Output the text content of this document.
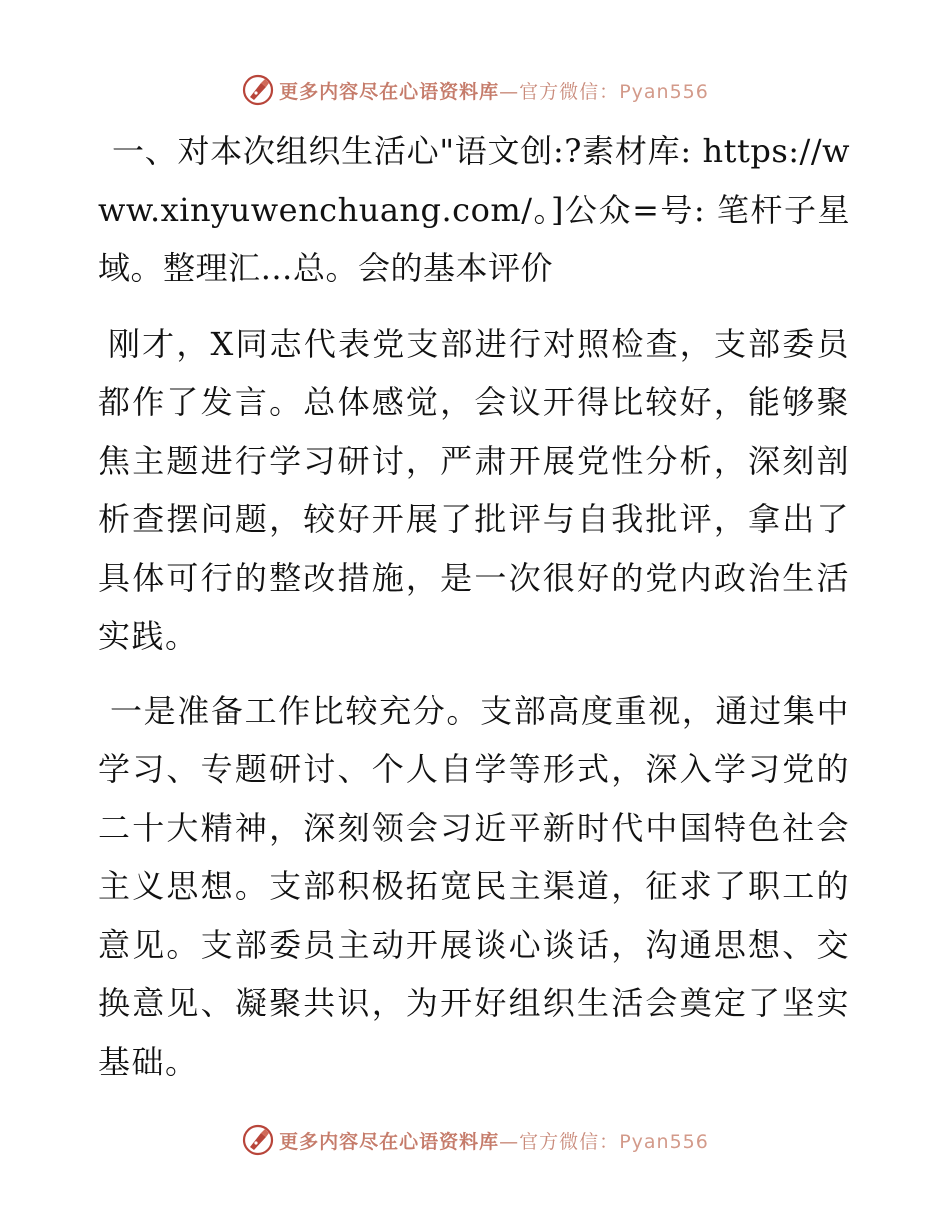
更多内容尽在心语资料库—官方微信：Pyan556

一、对本次组织生活心"语文创:?素材库: https://www.xinyuwenchuang.com/。]公众=号: 笔杆子星域。整理汇…总。会的基本评价

刚才，X同志代表党支部进行对照检查，支部委员都作了发言。总体感觉，会议开得比较好，能够聚焦主题进行学习研讨，严肃开展党性分析，深刻剖析查摆问题，较好开展了批评与自我批评，拿出了具体可行的整改措施，是一次很好的党内政治生活实践。

一是准备工作比较充分。支部高度重视，通过集中学习、专题研讨、个人自学等形式，深入学习党的二十大精神，深刻领会习近平新时代中国特色社会主义思想。支部积极拓宽民主渠道，征求了职工的意见。支部委员主动开展谈心谈话，沟通思想、交换意见、凝聚共识，为开好组织生活会奠定了坚实基础。

更多内容尽在心语资料库—官方微信：Pyan556
